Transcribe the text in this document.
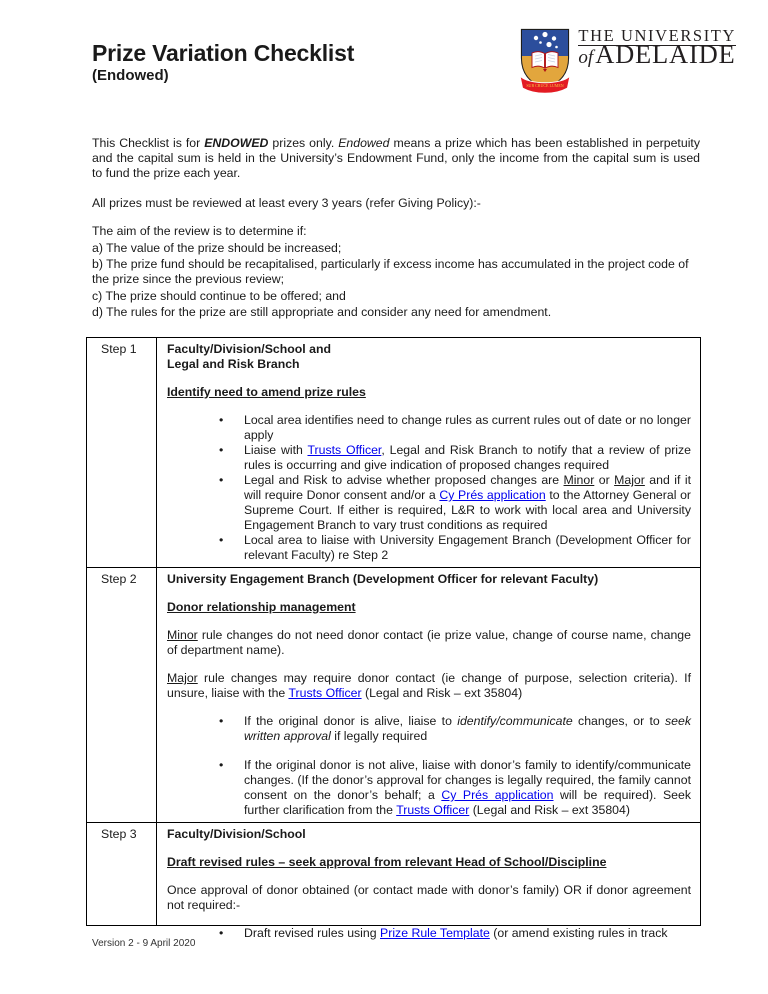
Prize Variation Checklist
(Endowed)
SUB CRUCE LUMEN
THE UNIVERSITY
of ADELAIDE

This Checklist is for ENDOWED prizes only. Endowed means a prize which has been established in perpetuity and the capital sum is held in the University’s Endowment Fund, only the income from the capital sum is used to fund the prize each year.

All prizes must be reviewed at least every 3 years (refer Giving Policy):-

The aim of the review is to determine if:
a) The value of the prize should be increased;
b) The prize fund should be recapitalised, particularly if excess income has accumulated in the project code of the prize since the previous review;
c) The prize should continue to be offered; and
d) The rules for the prize are still appropriate and consider any need for amendment.
Step 1	Faculty/Division/School and

Legal and Risk Branch

Identify need to amend prize rules

• Local area identifies need to change rules as current rules out of date or no longer apply
• Liaise with Trusts Officer, Legal and Risk Branch to notify that a review of prize rules is occurring and give indication of proposed changes required
• Legal and Risk to advise whether proposed changes are Minor or Major and if it will require Donor consent and/or a Cy Prés application to the Attorney General or Supreme Court. If either is required, L&R to work with local area and University Engagement Branch to vary trust conditions as required
• Local area to liaise with University Engagement Branch (Development Officer for relevant Faculty) re Step 2

Step 2	University Engagement Branch (Development Officer for relevant Faculty)

Donor relationship management

Minor rule changes do not need donor contact (ie prize value, change of course name, change of department name).

Major rule changes may require donor contact (ie change of purpose, selection criteria). If unsure, liaise with the Trusts Officer (Legal and Risk – ext 35804)

• If the original donor is alive, liaise to identify/communicate changes, or to seek written approval if legally required
• If the original donor is not alive, liaise with donor’s family to identify/communicate changes. (If the donor’s approval for changes is legally required, the family cannot consent on the donor’s behalf; a Cy Prés application will be required). Seek further clarification from the Trusts Officer (Legal and Risk – ext 35804)

Step 3	Faculty/Division/School

Draft revised rules – seek approval from relevant Head of School/Discipline

Once approval of donor obtained (or contact made with donor’s family) OR if donor agreement not required:-

• Draft revised rules using Prize Rule Template (or amend existing rules in track
Version 2 - 9 April 2020
